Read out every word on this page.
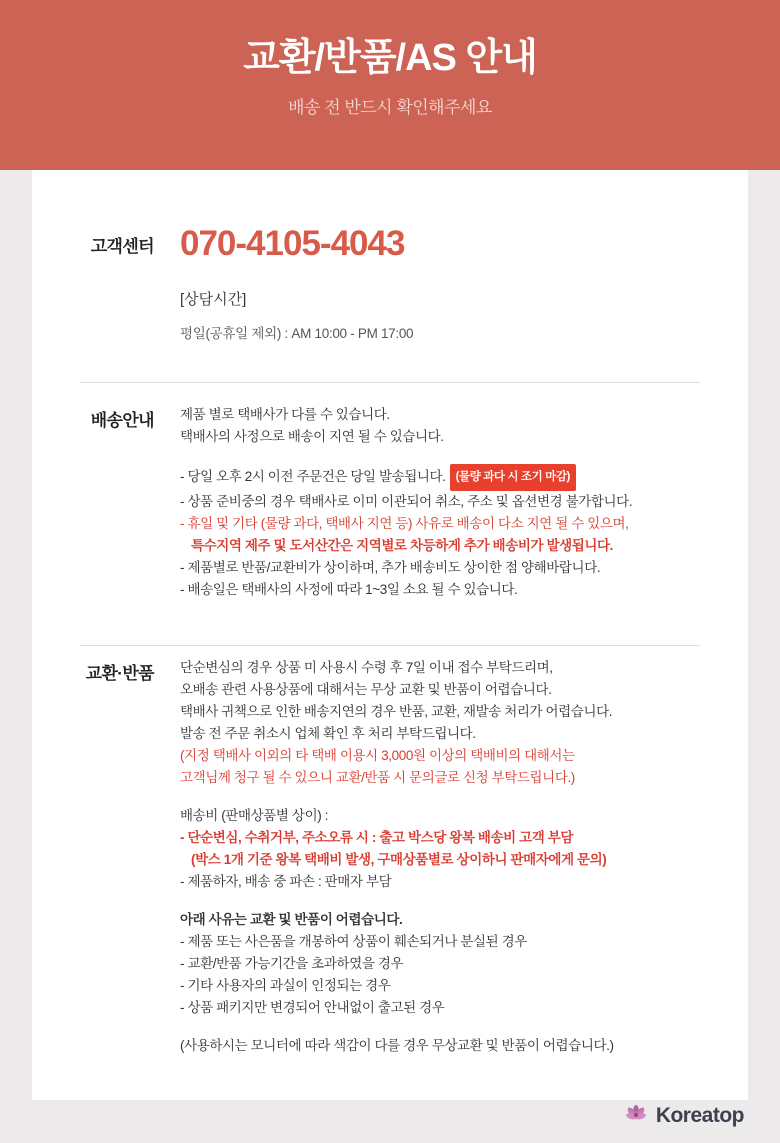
교환/반품/AS 안내
배송 전 반드시 확인해주세요
고객센터 070-4105-4043
[상담시간]
평일(공휴일 제외) : AM 10:00 - PM 17:00
배송안내	제품 별로 택배사가 다를 수 있습니다.
택배사의 사정으로 배송이 지연 될 수 있습니다.
- 당일 오후 2시 이전 주문건은 당일 발송됩니다. (물량 과다 시 조기 마감)
- 상품 준비중의 경우 택배사로 이미 이관되어 취소, 주소 및 옵션변경 불가합니다.
- 휴일 및 기타 (물량 과다, 택배사 지연 등) 사유로 배송이 다소 지연 될 수 있으며,
특수지역 제주 및 도서산간은 지역별로 차등하게 추가 배송비가 발생됩니다.
- 제품별로 반품/교환비가 상이하며, 추가 배송비도 상이한 점 양해바랍니다.
- 배송일은 택배사의 사정에 따라 1~3일 소요 될 수 있습니다.
교환·반품	단순변심의 경우 상품 미 사용시 수령 후 7일 이내 접수 부탁드리며,
오배송 관련 사용상품에 대해서는 무상 교환 및 반품이 어렵습니다.
택배사 귀책으로 인한 배송지연의 경우 반품, 교환, 재발송 처리가 어렵습니다.
발송 전 주문 취소시 업체 확인 후 처리 부탁드립니다.
(지정 택배사 이외의 타 택배 이용시 3,000원 이상의 택배비의 대해서는
고객님께 청구 될 수 있으니 교환/반품 시 문의글로 신청 부탁드립니다.)
배송비 (판매상품별 상이) :
- 단순변심, 수취거부, 주소오류 시 : 출고 박스당 왕복 배송비 고객 부담
(박스 1개 기준 왕복 택배비 발생, 구매상품별로 상이하니 판매자에게 문의)
- 제품하자, 배송 중 파손 : 판매자 부담
아래 사유는 교환 및 반품이 어렵습니다.
- 제품 또는 사은품을 개봉하여 상품이 훼손되거나 분실된 경우
- 교환/반품 가능기간을 초과하였을 경우
- 기타 사용자의 과실이 인정되는 경우
- 상품 패키지만 변경되어 안내없이 출고된 경우
(사용하시는 모니터에 따라 색감이 다를 경우 무상교환 및 반품이 어렵습니다.)
Koreatop
